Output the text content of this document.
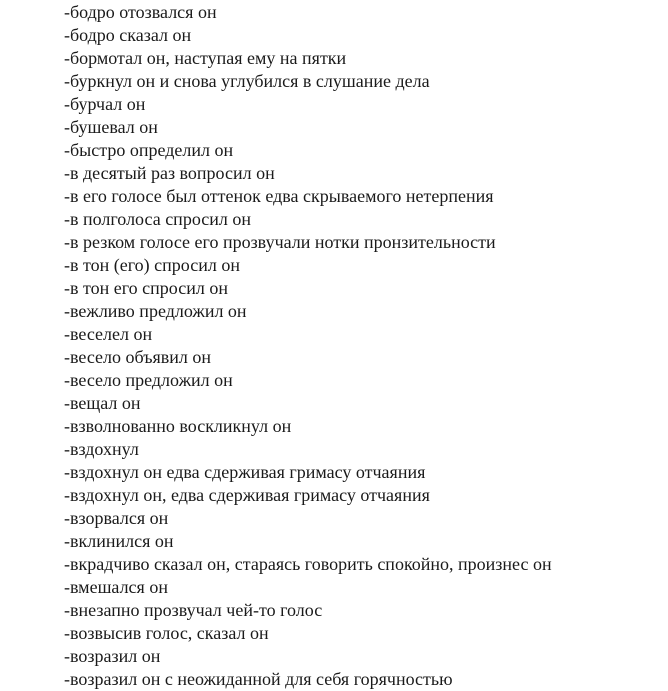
-бодро отозвался он
-бодро сказал он
-бормотал он, наступая ему на пятки
-буркнул он и снова углубился в слушание дела
-бурчал он
-бушевал он
-быстро определил он
-в десятый раз вопросил он
-в его голосе был оттенок едва скрываемого нетерпения
-в полголоса спросил он
-в резком голосе его прозвучали нотки пронзительности
-в тон (его) спросил он
-в тон его спросил он
-вежливо предложил он
-веселел он
-весело объявил он
-весело предложил он
-вещал он
-взволнованно воскликнул он
-вздохнул
-вздохнул он едва сдерживая гримасу отчаяния
-вздохнул он, едва сдерживая гримасу отчаяния
-взорвался он
-вклинился он
-вкрадчиво сказал он, стараясь говорить спокойно, произнес он
-вмешался он
-внезапно прозвучал чей-то голос
-возвысив голос, сказал он
-возразил он
-возразил он с неожиданной для себя горячностью
